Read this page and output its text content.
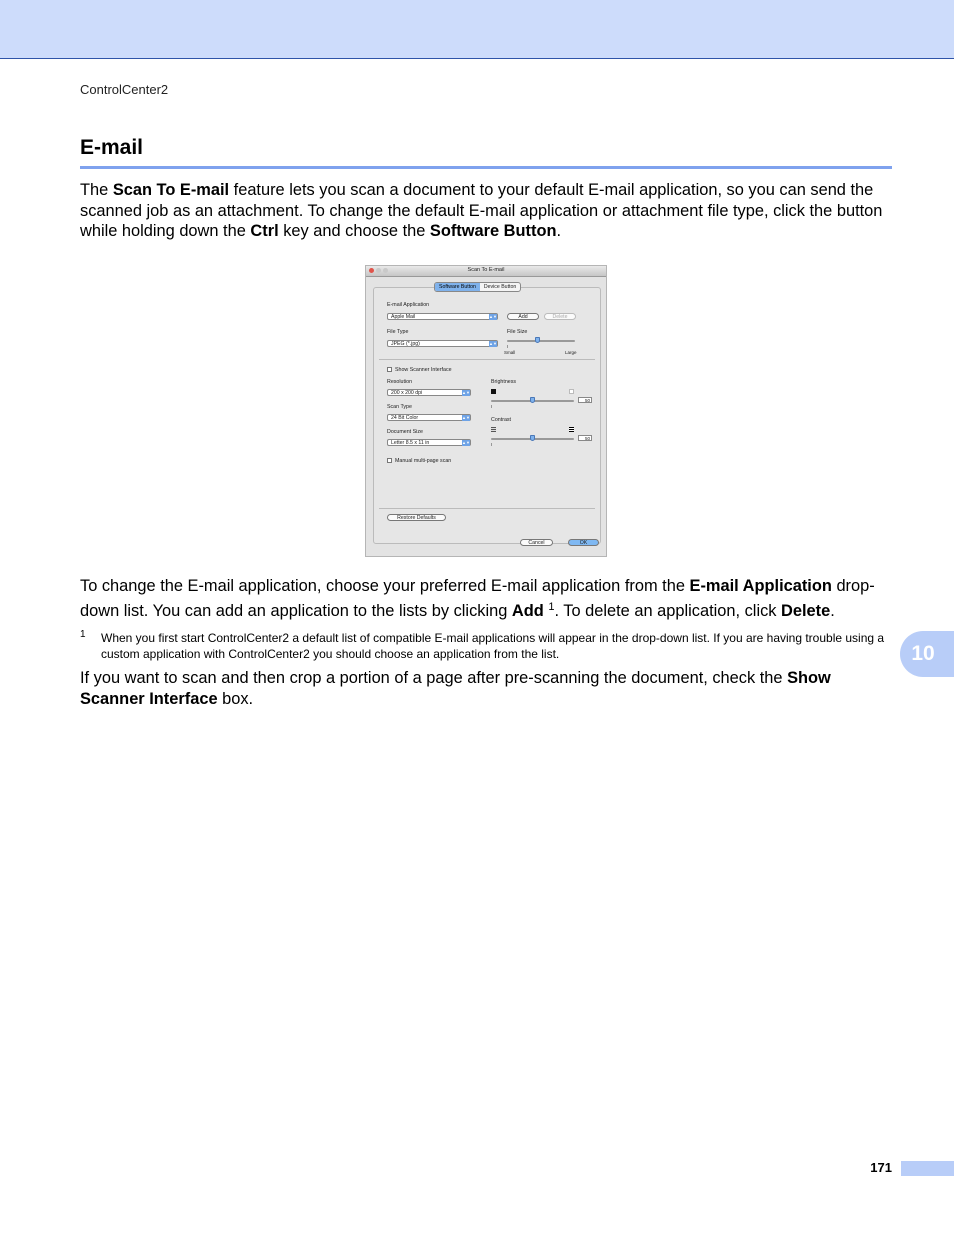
ControlCenter2
E-mail
The Scan To E-mail feature lets you scan a document to your default E-mail application, so you can send the scanned job as an attachment. To change the default E-mail application or attachment file type, click the button while holding down the Ctrl key and choose the Software Button.
Scan To E-mail
Software Button	Device Button
E-mail Application
Apple Mail	▲▼	Add	Delete
File Type
JPEG (*.jpg)	▲▼
File Size
Small	Large
Show Scanner Interface
Resolution
200 x 200 dpi	▲▼
Scan Type
24 Bit Color	▲▼
Document Size
Letter 8.5 x 11 in	▲▼
Manual multi-page scan
Brightness
50
Contrast
50
Restore Defaults
Cancel	OK
To change the E-mail application, choose your preferred E-mail application from the E-mail Application drop-down list. You can add an application to the lists by clicking Add $^1$. To delete an application, click Delete.
1 When you first start ControlCenter2 a default list of compatible E-mail applications will appear in the drop-down list. If you are having trouble using a custom application with ControlCenter2 you should choose an application from the list.
If you want to scan and then crop a portion of a page after pre-scanning the document, check the Show Scanner Interface box.
10
171
